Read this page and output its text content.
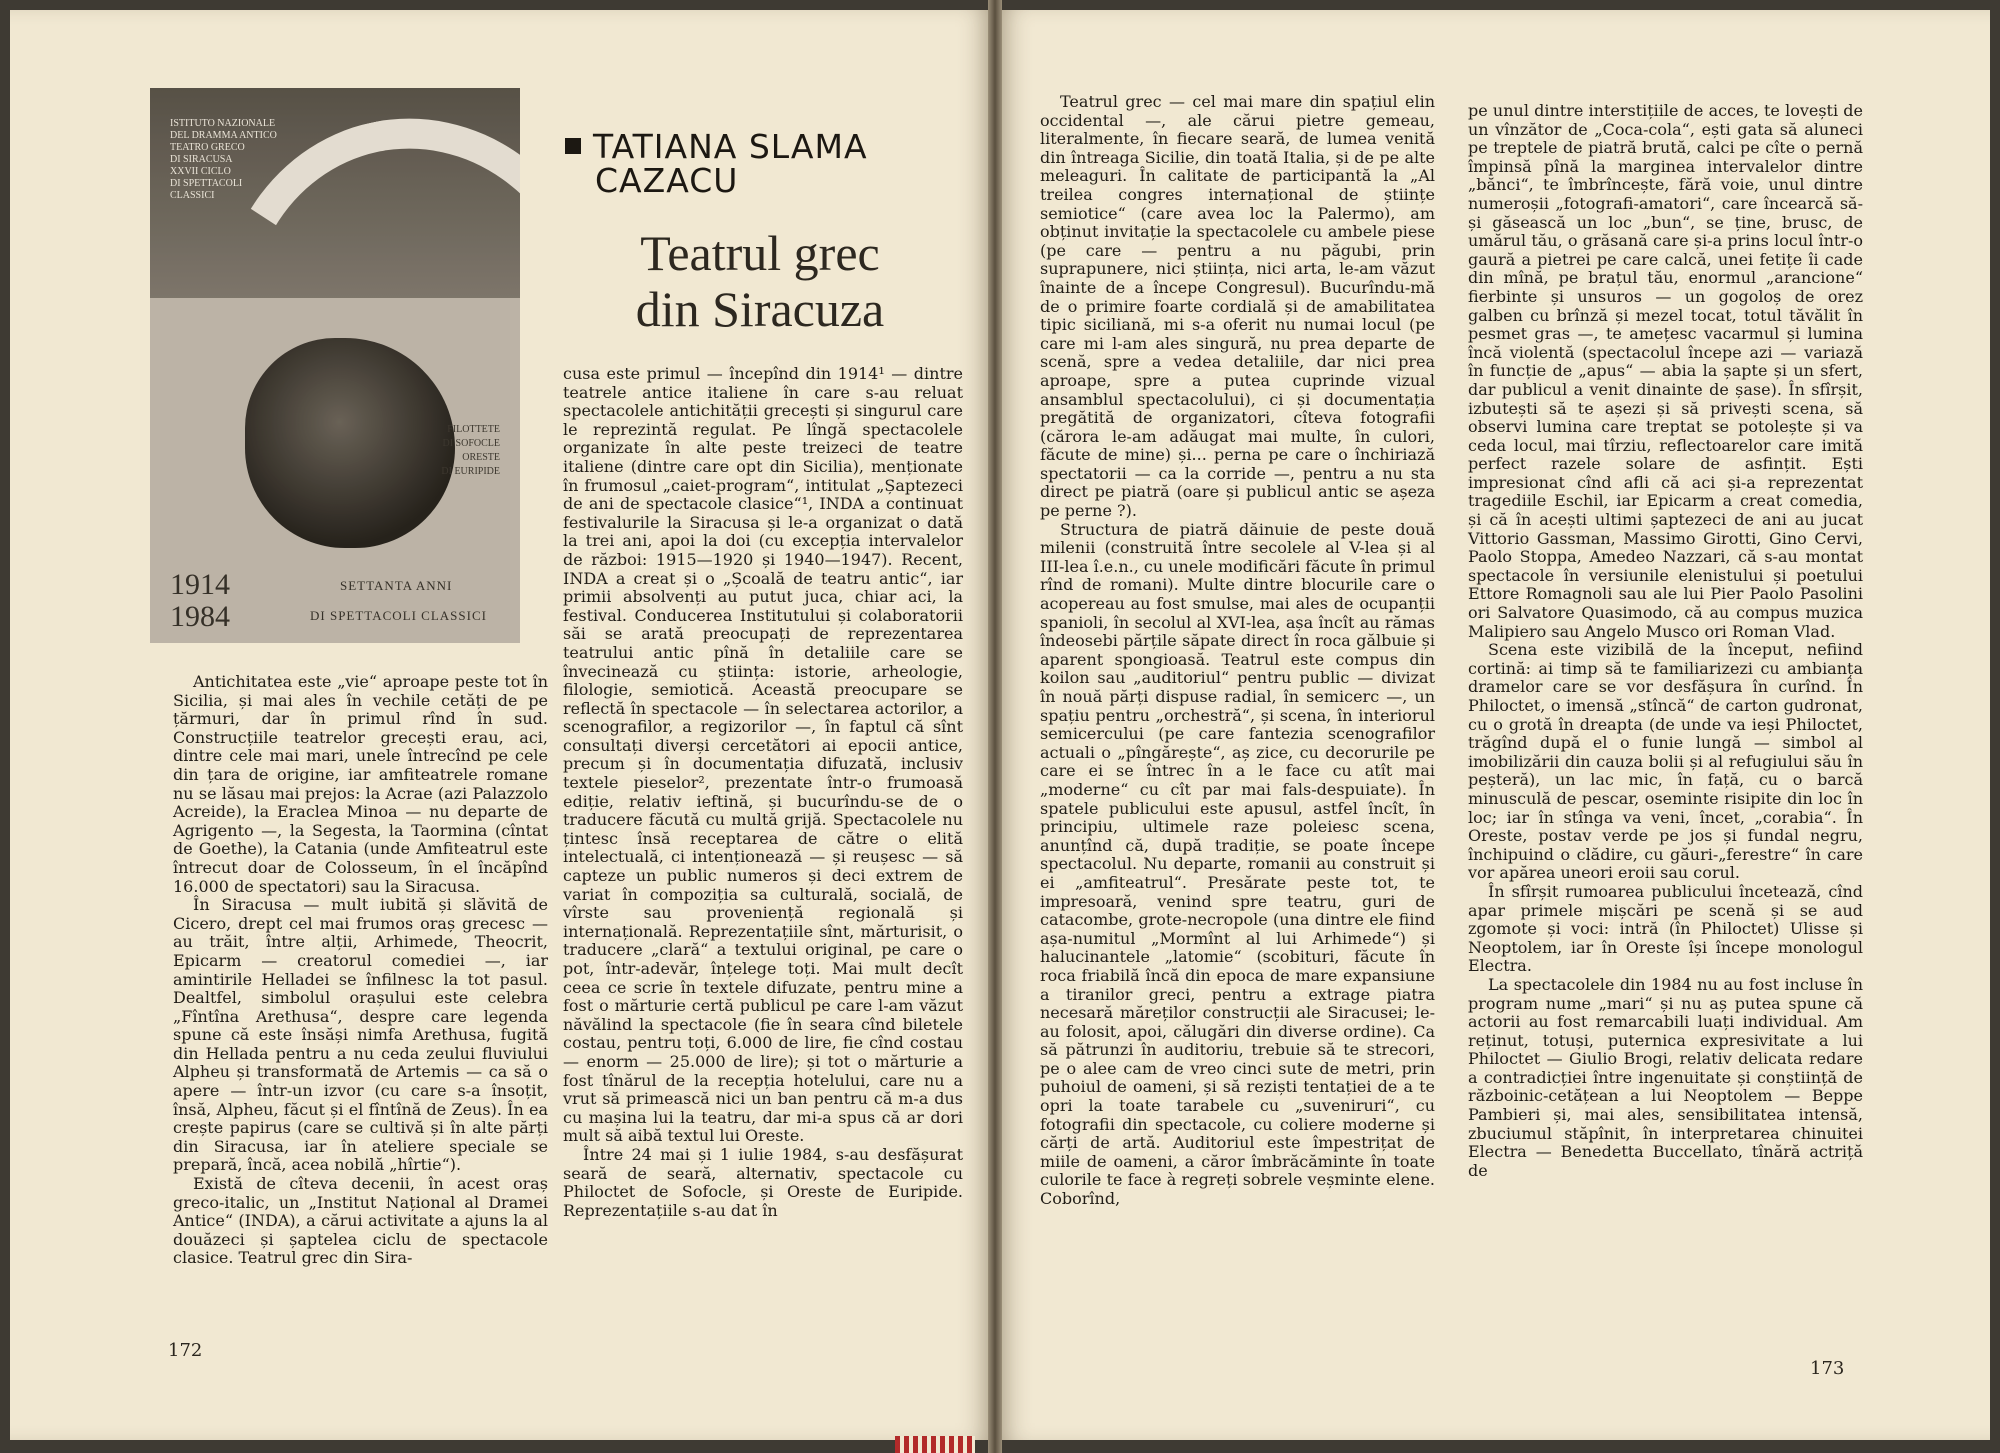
ISTITUTO NAZIONALE
DEL DRAMMA ANTICO
TEATRO GRECO
DI SIRACUSA
XXVII CICLO
DI SPETTACOLI
CLASSICI
FILOTTETE
DI SOFOCLE
ORESTE
DI EURIPIDE
1914
1984
SETTANTA ANNI
DI SPETTACOLI CLASSICI
TATIANA SLAMA
CAZACU
Teatrul grec
din Siracuza

Antichitatea este „vie“ aproape peste tot în Sicilia, și mai ales în vechile cetăți de pe țărmuri, dar în primul rînd în sud. Construcțiile teatrelor grecești erau, aci, dintre cele mai mari, unele întrecînd pe cele din țara de origine, iar amfiteatrele romane nu se lăsau mai prejos: la Acrae (azi Palazzolo Acreide), la Eraclea Minoa — nu departe de Agrigento —, la Segesta, la Taormina (cîntat de Goethe), la Catania (unde Amfiteatrul este întrecut doar de Colosseum, în el încăpînd 16.000 de spectatori) sau la Siracusa.

În Siracusa — mult iubită și slăvită de Cicero, drept cel mai frumos oraș grecesc — au trăit, între alții, Arhimede, Theocrit, Epicarm — creatorul comediei —, iar amintirile Helladei se înfilnesc la tot pasul. Dealtfel, simbolul orașului este celebra „Fîntîna Arethusa“, despre care legenda spune că este însăși nimfa Arethusa, fugită din Hellada pentru a nu ceda zeului fluviului Alpheu și transformată de Artemis — ca să o apere — într-un izvor (cu care s-a însoțit, însă, Alpheu, făcut și el fîntînă de Zeus). În ea crește papirus (care se cultivă și în alte părți din Siracusa, iar în ateliere speciale se prepară, încă, acea nobilă „hîrtie“).

Există de cîteva decenii, în acest oraș greco-italic, un „Institut Național al Dramei Antice“ (INDA), a cărui activitate a ajuns la al douăzeci și șaptelea ciclu de spectacole clasice. Teatrul grec din Sira-

cusa este primul — începînd din 1914¹ — dintre teatrele antice italiene în care s-au reluat spectacolele antichității grecești și singurul care le reprezintă regulat. Pe lîngă spectacolele organizate în alte peste treizeci de teatre italiene (dintre care opt din Sicilia), menționate în frumosul „caiet-program“, intitulat „Șaptezeci de ani de spectacole clasice“¹, INDA a continuat festivalurile la Siracusa și le-a organizat o dată la trei ani, apoi la doi (cu excepția intervalelor de război: 1915—1920 și 1940—1947). Recent, INDA a creat și o „Școală de teatru antic“, iar primii absolvenți au putut juca, chiar aci, la festival. Conducerea Institutului și colaboratorii săi se arată preocupați de reprezentarea teatrului antic pînă în detaliile care se învecinează cu știința: istorie, arheologie, filologie, semiotică. Această preocupare se reflectă în spectacole — în selectarea actorilor, a scenografilor, a regizorilor —, în faptul că sînt consultați diverși cercetători ai epocii antice, precum și în documentația difuzată, inclusiv textele pieselor², prezentate într-o frumoasă ediție, relativ ieftină, și bucurîndu-se de o traducere făcută cu multă grijă. Spectacolele nu țintesc însă receptarea de către o elită intelectuală, ci intenționează — și reușesc — să capteze un public numeros și deci extrem de variat în compoziția sa culturală, socială, de vîrste sau proveniență regională și internațională. Reprezentațiile sînt, mărturisit, o traducere „clară“ a textului original, pe care o pot, într-adevăr, înțelege toți. Mai mult decît ceea ce scrie în textele difuzate, pentru mine a fost o mărturie certă publicul pe care l-am văzut năvălind la spectacole (fie în seara cînd biletele costau, pentru toți, 6.000 de lire, fie cînd costau — enorm — 25.000 de lire); și tot o mărturie a fost tînărul de la recepția hotelului, care nu a vrut să primească nici un ban pentru că m-a dus cu mașina lui la teatru, dar mi-a spus că ar dori mult să aibă textul lui Oreste.

Între 24 mai și 1 iulie 1984, s-au desfășurat seară de seară, alternativ, spectacole cu Philoctet de Sofocle, și Oreste de Euripide. Reprezentațiile s-au dat în

172

Teatrul grec — cel mai mare din spațiul elin occidental —, ale cărui pietre gemeau, literalmente, în fiecare seară, de lumea venită din întreaga Sicilie, din toată Italia, și de pe alte meleaguri. În calitate de participantă la „Al treilea congres internațional de științe semiotice“ (care avea loc la Palermo), am obținut invitație la spectacolele cu ambele piese (pe care — pentru a nu păgubi, prin suprapunere, nici știința, nici arta, le-am văzut înainte de a începe Congresul). Bucurîndu-mă de o primire foarte cordială și de amabilitatea tipic siciliană, mi s-a oferit nu numai locul (pe care mi l-am ales singură, nu prea departe de scenă, spre a vedea detaliile, dar nici prea aproape, spre a putea cuprinde vizual ansamblul spectacolului), ci și documentația pregătită de organizatori, cîteva fotografii (cărora le-am adăugat mai multe, în culori, făcute de mine) și... perna pe care o închiriază spectatorii — ca la corride —, pentru a nu sta direct pe piatră (oare și publicul antic se așeza pe perne ?).

Structura de piatră dăinuie de peste două milenii (construită între secolele al V-lea și al III-lea î.e.n., cu unele modificări făcute în primul rînd de romani). Multe dintre blocurile care o acopereau au fost smulse, mai ales de ocupanții spanioli, în secolul al XVI-lea, așa încît au rămas îndeosebi părțile săpate direct în roca gălbuie și aparent spongioasă. Teatrul este compus din koilon sau „auditoriul“ pentru public — divizat în nouă părți dispuse radial, în semicerc —, un spațiu pentru „orchestră“, și scena, în interiorul semicercului (pe care fantezia scenografilor actuali o „pîngărește“, aș zice, cu decorurile pe care ei se întrec în a le face cu atît mai „moderne“ cu cît par mai fals-despuiate). În spatele publicului este apusul, astfel încît, în principiu, ultimele raze poleiesc scena, anunțînd că, după tradiție, se poate începe spectacolul. Nu departe, romanii au construit și ei „amfiteatrul“. Presărate peste tot, te impresoară, venind spre teatru, guri de catacombe, grote-necropole (una dintre ele fiind așa-numitul „Mormînt al lui Arhimede“) și halucinantele „latomie“ (scobituri, făcute în roca friabilă încă din epoca de mare expansiune a tiranilor greci, pentru a extrage piatra necesară măreților construcții ale Siracusei; le-au folosit, apoi, călugări din diverse ordine). Ca să pătrunzi în auditoriu, trebuie să te strecori, pe o alee cam de vreo cinci sute de metri, prin puhoiul de oameni, și să reziști tentației de a te opri la toate tarabele cu „suveniruri“, cu fotografii din spectacole, cu coliere moderne și cărți de artă. Auditoriul este împestrițat de miile de oameni, a căror îmbrăcăminte în toate culorile te face à regreți sobrele veșminte elene. Coborînd,

pe unul dintre interstițiile de acces, te lovești de un vînzător de „Coca-cola“, ești gata să aluneci pe treptele de piatră brută, calci pe cîte o pernă împinsă pînă la marginea intervalelor dintre „bănci“, te îmbrîncește, fără voie, unul dintre numeroșii „fotografi-amatori“, care încearcă să-și găsească un loc „bun“, se ține, brusc, de umărul tău, o grăsană care și-a prins locul într-o gaură a pietrei pe care calcă, unei fetițe îi cade din mînă, pe brațul tău, enormul „arancione“ fierbinte și unsuros — un gogoloș de orez galben cu brînză și mezel tocat, totul tăvălit în pesmet gras —, te amețesc vacarmul și lumina încă violentă (spectacolul începe azi — variază în funcție de „apus“ — abia la șapte și un sfert, dar publicul a venit dinainte de șase). În sfîrșit, izbutești să te așezi și să privești scena, să observi lumina care treptat se potolește și va ceda locul, mai tîrziu, reflectoarelor care imită perfect razele solare de asfințit. Ești impresionat cînd afli că aci și-a reprezentat tragediile Eschil, iar Epicarm a creat comedia, și că în acești ultimi șaptezeci de ani au jucat Vittorio Gassman, Massimo Girotti, Gino Cervi, Paolo Stoppa, Amedeo Nazzari, că s-au montat spectacole în versiunile elenistului și poetului Ettore Romagnoli sau ale lui Pier Paolo Pasolini ori Salvatore Quasimodo, că au compus muzica Malipiero sau Angelo Musco ori Roman Vlad.

Scena este vizibilă de la început, nefiind cortină: ai timp să te familiarizezi cu ambianța dramelor care se vor desfășura în curînd. În Philoctet, o imensă „stîncă“ de carton gudronat, cu o grotă în dreapta (de unde va ieși Philoctet, trăgînd după el o funie lungă — simbol al imobilizării din cauza bolii și al refugiului său în peșteră), un lac mic, în față, cu o barcă minusculă de pescar, oseminte risipite din loc în loc; iar în stînga va veni, încet, „corabia“. În Oreste, postav verde pe jos și fundal negru, închipuind o clădire, cu găuri-„ferestre“ în care vor apărea uneori eroii sau corul.

În sfîrșit rumoarea publicului încetează, cînd apar primele mișcări pe scenă și se aud zgomote și voci: intră (în Philoctet) Ulisse și Neoptolem, iar în Oreste își începe monologul Electra.

La spectacolele din 1984 nu au fost incluse în program nume „mari“ și nu aș putea spune că actorii au fost remarcabili luați individual. Am reținut, totuși, puternica expresivitate a lui Philoctet — Giulio Brogi, relativ delicata redare a contradicției între ingenuitate și conștiință de războinic-cetățean a lui Neoptolem — Beppe Pambieri și, mai ales, sensibilitatea intensă, zbuciumul stăpînit, în interpretarea chinuitei Electra — Benedetta Buccellato, tînără actriță de

173
